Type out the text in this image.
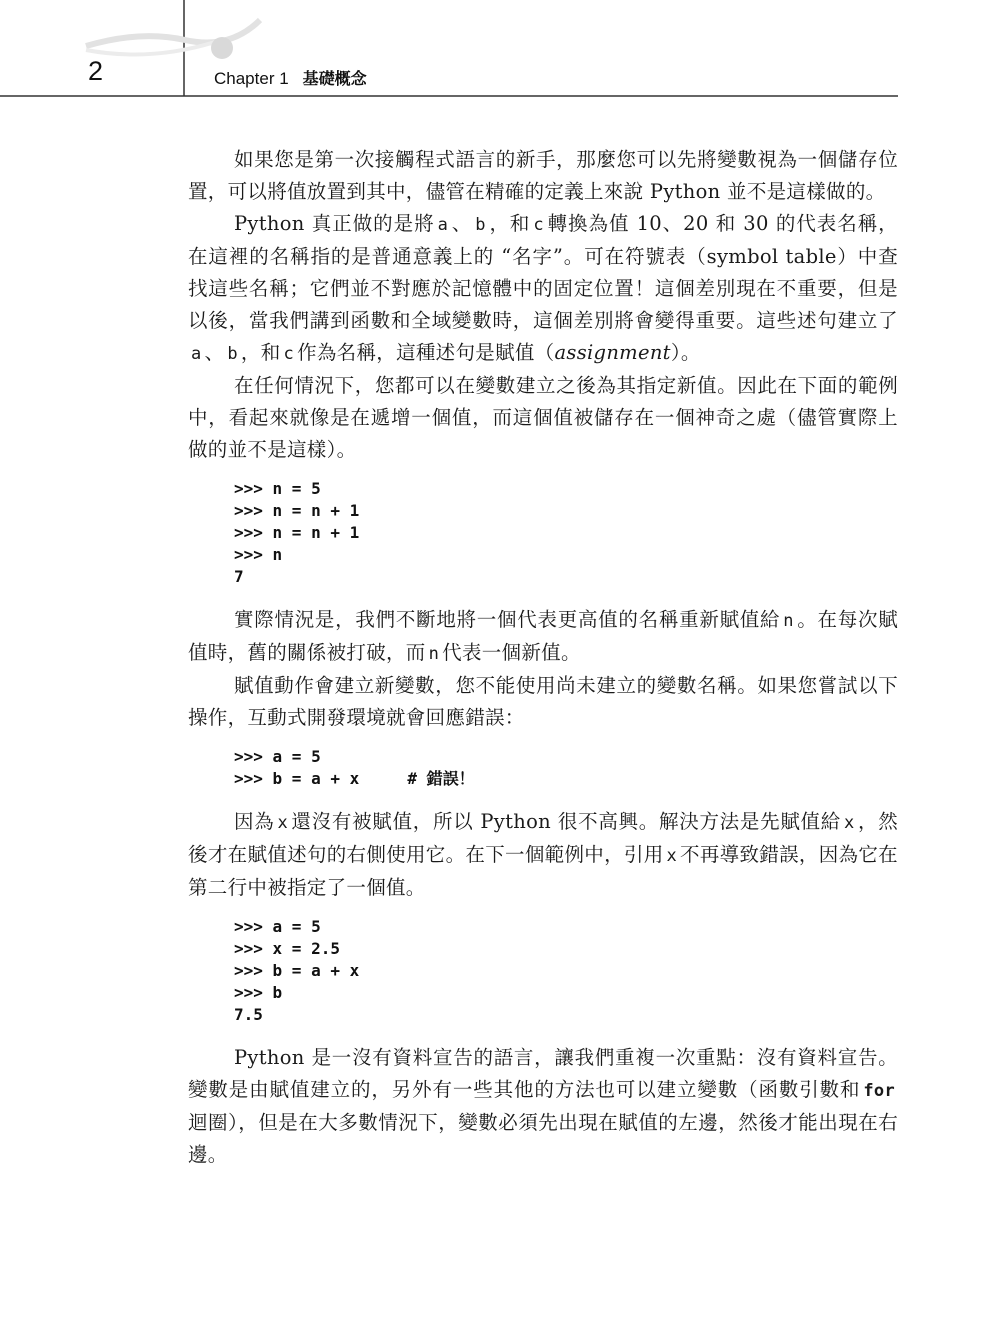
2	Chapter 1 基礎概念

如果您是第一次接觸程式語言的新手，那麼您可以先將變數視為一個儲存位置，可以將值放置到其中，儘管在精確的定義上來說 Python 並不是這樣做的。

Python 真正做的是將 a 、 b ，和 c 轉換為值 10、20 和 30 的代表名稱，在這裡的名稱指的是普通意義上的 “名字”。可在符號表（symbol table）中查找這些名稱；它們並不對應於記憶體中的固定位置！這個差別現在不重要，但是以後，當我們講到函數和全域變數時，這個差別將會變得重要。這些述句建立了a 、 b ，和 c 作為名稱，這種述句是賦值（assignment）。

在任何情況下，您都可以在變數建立之後為其指定新值。因此在下面的範例中，看起來就像是在遞增一個值，而這個值被儲存在一個神奇之處（儘管實際上做的並不是這樣）。

>>> n = 5
>>> n = n + 1
>>> n = n + 1
>>> n
7

實際情況是，我們不斷地將一個代表更高值的名稱重新賦值給 n 。在每次賦值時，舊的關係被打破，而 n 代表一個新值。

賦值動作會建立新變數，您不能使用尚未建立的變數名稱。如果您嘗試以下操作，互動式開發環境就會回應錯誤：

>>> a = 5
>>> b = a + x     # 錯誤！

因為 x 還沒有被賦值，所以 Python 很不高興。解決方法是先賦值給 x ，然後才在賦值述句的右側使用它。在下一個範例中，引用 x 不再導致錯誤，因為它在第二行中被指定了一個值。

>>> a = 5
>>> x = 2.5
>>> b = a + x
>>> b
7.5

Python 是一沒有資料宣告的語言，讓我們重複一次重點：沒有資料宣告。變數是由賦值建立的，另外有一些其他的方法也可以建立變數（函數引數和 for迴圈），但是在大多數情況下，變數必須先出現在賦值的左邊，然後才能出現在右邊。
